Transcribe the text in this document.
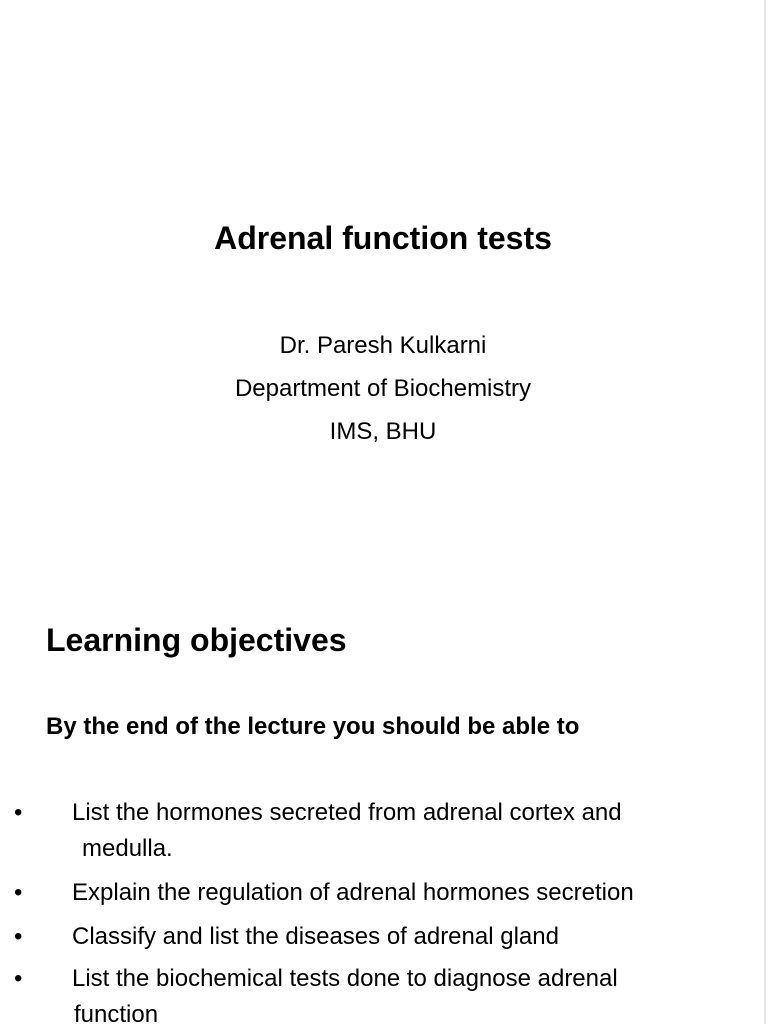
Adrenal function tests
Dr. Paresh Kulkarni
Department of Biochemistry
IMS, BHU
Learning objectives
By the end of the lecture you should be able to
• List the hormones secreted from adrenal cortex and
medulla.
• Explain the regulation of adrenal hormones secretion
• Classify and list the diseases of adrenal gland
• List the biochemical tests done to diagnose adrenal
function
